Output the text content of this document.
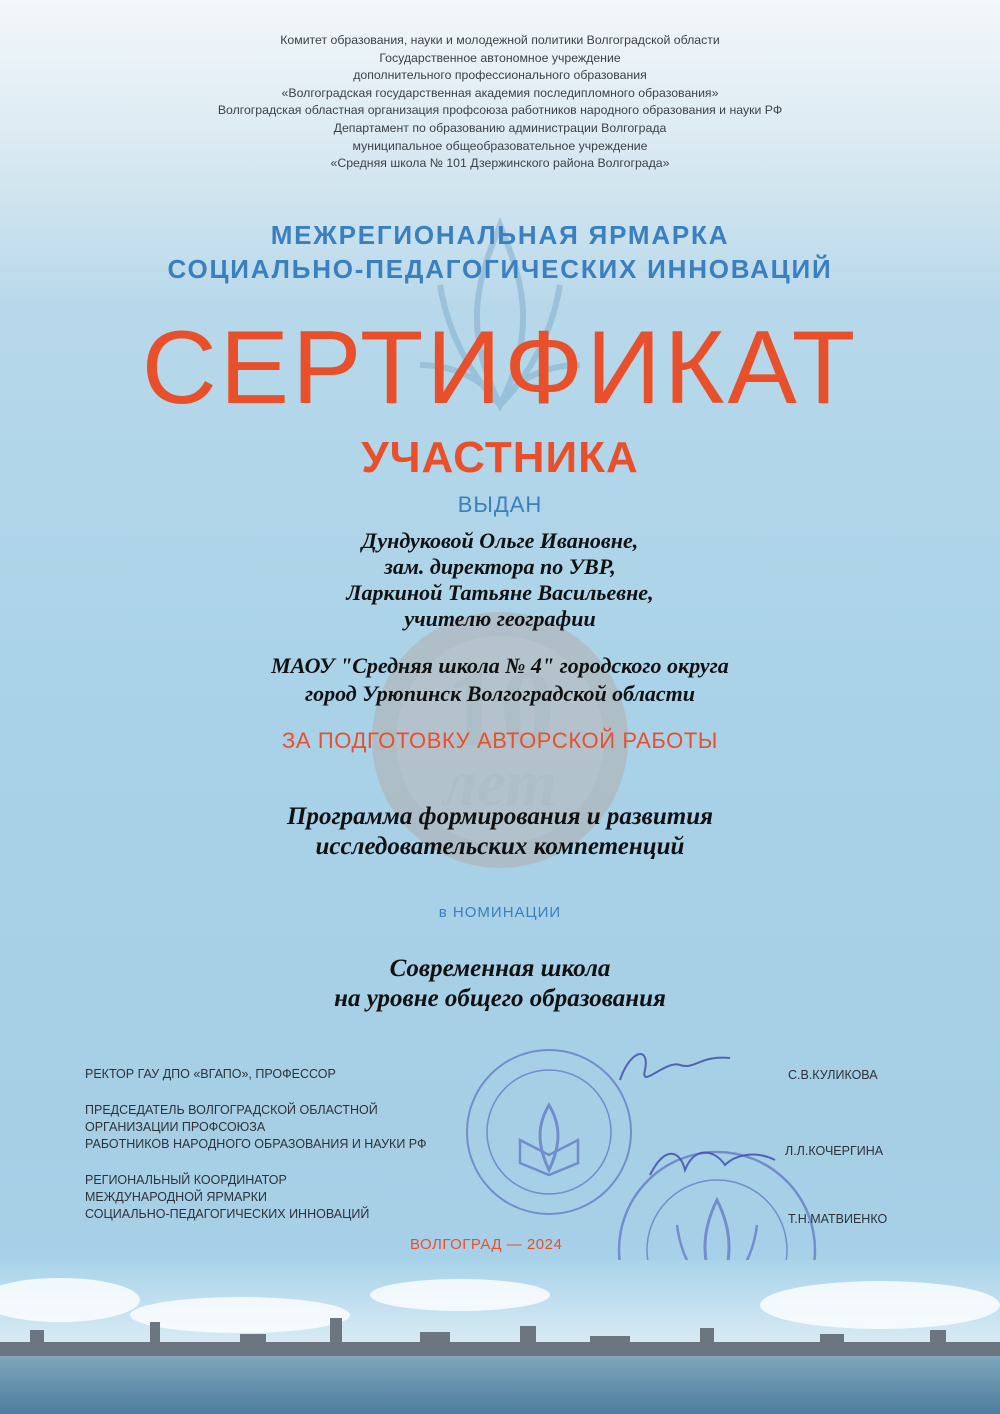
10
лет
Комитет образования, науки и молодежной политики Волгоградской области
Государственное автономное учреждение
дополнительного профессионального образования
«Волгоградская государственная академия последипломного образования»
Волгоградская областная организация профсоюза работников народного образования и науки РФ
Департамент по образованию администрации Волгограда
муниципальное общеобразовательное учреждение
«Средняя школа № 101 Дзержинского района Волгограда»
МЕЖРЕГИОНАЛЬНАЯ ЯРМАРКА
СОЦИАЛЬНО-ПЕДАГОГИЧЕСКИХ ИННОВАЦИЙ
СЕРТИФИКАТ
УЧАСТНИКА
ВЫДАН
Дундуковой Ольге Ивановне,
зам. директора по УВР,
Ларкиной Татьяне Васильевне,
учителю географии
МАОУ "Средняя школа № 4" городского округа
город Урюпинск Волгоградской области
ЗА ПОДГОТОВКУ АВТОРСКОЙ РАБОТЫ
Программа формирования и развития
исследовательских компетенций
в НОМИНАЦИИ
Современная школа
на уровне общего образования
РЕКТОР ГАУ ДПО «ВГАПО», ПРОФЕССОР	С.В.КУЛИКОВА
ПРЕДСЕДАТЕЛЬ ВОЛГОГРАДСКОЙ ОБЛАСТНОЙ
ОРГАНИЗАЦИИ ПРОФСОЮЗА
РАБОТНИКОВ НАРОДНОГО ОБРАЗОВАНИЯ И НАУКИ РФ	Л.Л.КОЧЕРГИНА
РЕГИОНАЛЬНЫЙ КООРДИНАТОР
МЕЖДУНАРОДНОЙ ЯРМАРКИ
СОЦИАЛЬНО-ПЕДАГОГИЧЕСКИХ ИННОВАЦИЙ	Т.Н.МАТВИЕНКО
ВОЛГОГРАД — 2024
